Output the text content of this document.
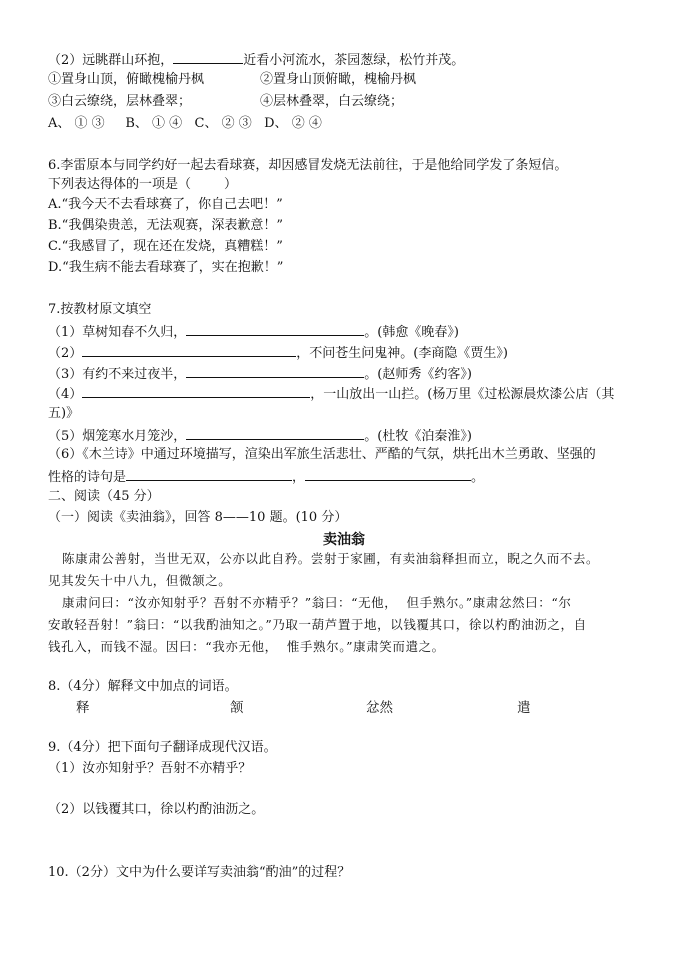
（2）远眺群山环抱，	近看小河流水，茶园葱绿，松竹并茂。
①置身山顶，俯瞰槐榆丹枫	②置身山顶俯瞰，槐榆丹枫
③白云缭绕，层林叠翠；	④层林叠翠，白云缭绕；
A、 ① ③     B、 ① ④   C、 ② ③   D、 ② ④
6.李雷原本与同学约好一起去看球赛，却因感冒发烧无法前往，于是他给同学发了条短信。
下列表达得体的一项是（        ）
A.“我今天不去看球赛了，你自己去吧！”
B.“我偶染贵恙，无法观赛，深表歉意！”
C.“我感冒了，现在还在发烧，真糟糕！”
D.“我生病不能去看球赛了，实在抱歉！”
7.按教材原文填空
（1）草树知春不久归，	。(韩愈《晚春》)
（2）	，不问苍生问鬼神。(李商隐《贾生》)
（3）有约不来过夜半，	。(赵师秀《约客》)
（4）	，一山放出一山拦。(杨万里《过松源晨炊漆公店（其
五)》
（5）烟笼寒水月笼沙，	。(杜牧《泊秦淮》)
（6）《木兰诗》中通过环境描写，渲染出军旅生活悲壮、严酷的气氛，烘托出木兰勇敢、坚强的
性格的诗句是	，	。
二、阅读（45 分）
（一）阅读《卖油翁》，回答 8——10 题。(10 分）
卖油翁
陈康肃公善射，当世无双，公亦以此自矜。尝射于家圃，有卖油翁释担而立，睨之久而不去。
见其发矢十中八九，但微颔之。
康肃问曰：“汝亦知射乎？吾射不亦精乎？”翁曰：“无他，  但手熟尔。”康肃忿然曰：“尔
安敢轻吾射！”翁曰：“以我酌油知之。”乃取一葫芦置于地，以钱覆其口，徐以杓酌油沥之，自
钱孔入，而钱不湿。因曰：“我亦无他，  惟手熟尔。”康肃笑而遣之。
8.（4分）解释文中加点的词语。
释	颔	忿然	遣
9.（4分）把下面句子翻译成现代汉语。
（1）汝亦知射乎？吾射不亦精乎？
（2）以钱覆其口，徐以杓酌油沥之。
10.（2分）文中为什么要详写卖油翁“酌油”的过程？
